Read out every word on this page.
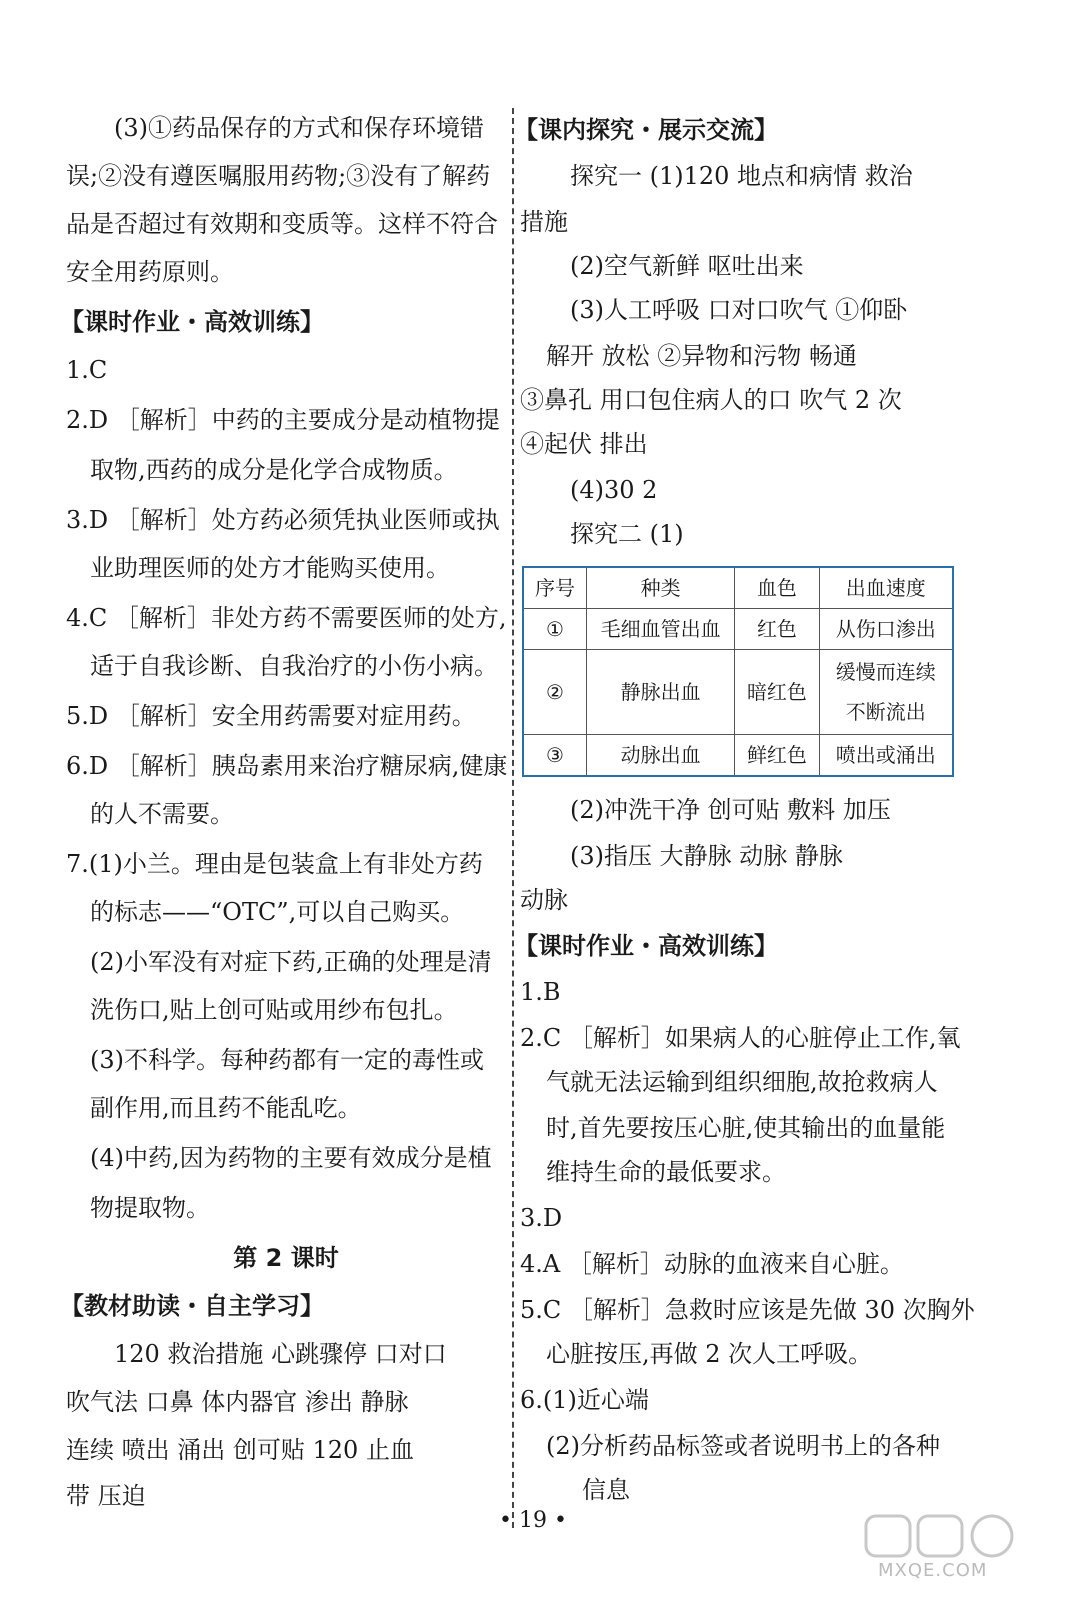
(3)①药品保存的方式和保存环境错
误;②没有遵医嘱服用药物;③没有了解药
品是否超过有效期和变质等。这样不符合
安全用药原则。
【课时作业・高效训练】
1.C
2.D ［解析］中药的主要成分是动植物提
取物,西药的成分是化学合成物质。
3.D ［解析］处方药必须凭执业医师或执
业助理医师的处方才能购买使用。
4.C ［解析］非处方药不需要医师的处方,
适于自我诊断、自我治疗的小伤小病。
5.D ［解析］安全用药需要对症用药。
6.D ［解析］胰岛素用来治疗糖尿病,健康
的人不需要。
7.(1)小兰。理由是包装盒上有非处方药
的标志——“OTC”,可以自己购买。
(2)小军没有对症下药,正确的处理是清
洗伤口,贴上创可贴或用纱布包扎。
(3)不科学。每种药都有一定的毒性或
副作用,而且药不能乱吃。
(4)中药,因为药物的主要有效成分是植
物提取物。
第 2 课时
【教材助读・自主学习】
120 救治措施 心跳骤停 口对口
吹气法 口鼻 体内器官 渗出 静脉
连续 喷出 涌出 创可贴 120 止血
带 压迫
【课内探究・展示交流】
探究一 (1)120 地点和病情 救治
措施
(2)空气新鲜 呕吐出来
(3)人工呼吸 口对口吹气 ①仰卧
解开 放松 ②异物和污物 畅通
③鼻孔 用口包住病人的口 吹气 2 次
④起伏 排出
(4)30 2
探究二 (1)
序号	种类	血色	出血速度
①	毛细血管出血	红色	从伤口渗出
②	静脉出血	暗红色	缓慢而连续不断流出
③	动脉出血	鲜红色	喷出或涌出
(2)冲洗干净 创可贴 敷料 加压
(3)指压 大静脉 动脉 静脉
动脉
【课时作业・高效训练】
1.B
2.C ［解析］如果病人的心脏停止工作,氧
气就无法运输到组织细胞,故抢救病人
时,首先要按压心脏,使其输出的血量能
维持生命的最低要求。
3.D
4.A ［解析］动脉的血液来自心脏。
5.C ［解析］急救时应该是先做 30 次胸外
心脏按压,再做 2 次人工呼吸。
6.(1)近心端
(2)分析药品标签或者说明书上的各种
信息
• 19 •
MXQE.COM
